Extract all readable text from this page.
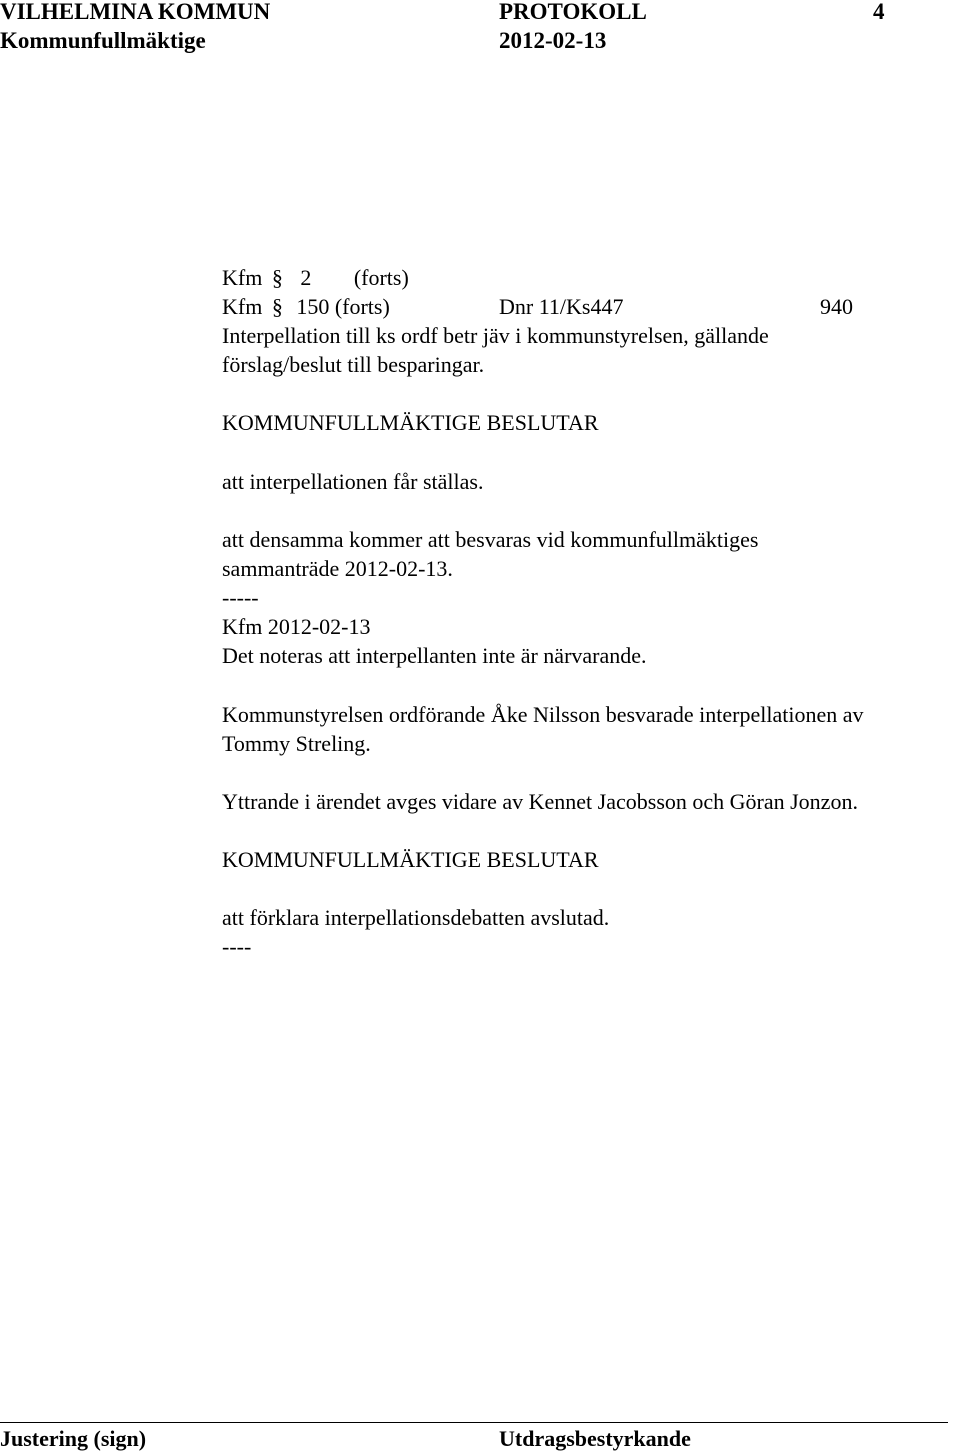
VILHELMINA KOMMUN	PROTOKOLL	4
Kommunfullmäktige	2012-02-13
Kfm § 2 (forts)
Kfm § 150 (forts)	Dnr 11/Ks447	940
Interpellation till ks ordf betr jäv i kommunstyrelsen, gällande
förslag/beslut till besparingar.
KOMMUNFULLMÄKTIGE BESLUTAR
att interpellationen får ställas.
att densamma kommer att besvaras vid kommunfullmäktiges
sammanträde 2012-02-13.
-----
Kfm 2012-02-13
Det noteras att interpellanten inte är närvarande.
Kommunstyrelsen ordförande Åke Nilsson besvarade interpellationen av
Tommy Streling.
Yttrande i ärendet avges vidare av Kennet Jacobsson och Göran Jonzon.
KOMMUNFULLMÄKTIGE BESLUTAR
att förklara interpellationsdebatten avslutad.
----
Justering (sign)	Utdragsbestyrkande
